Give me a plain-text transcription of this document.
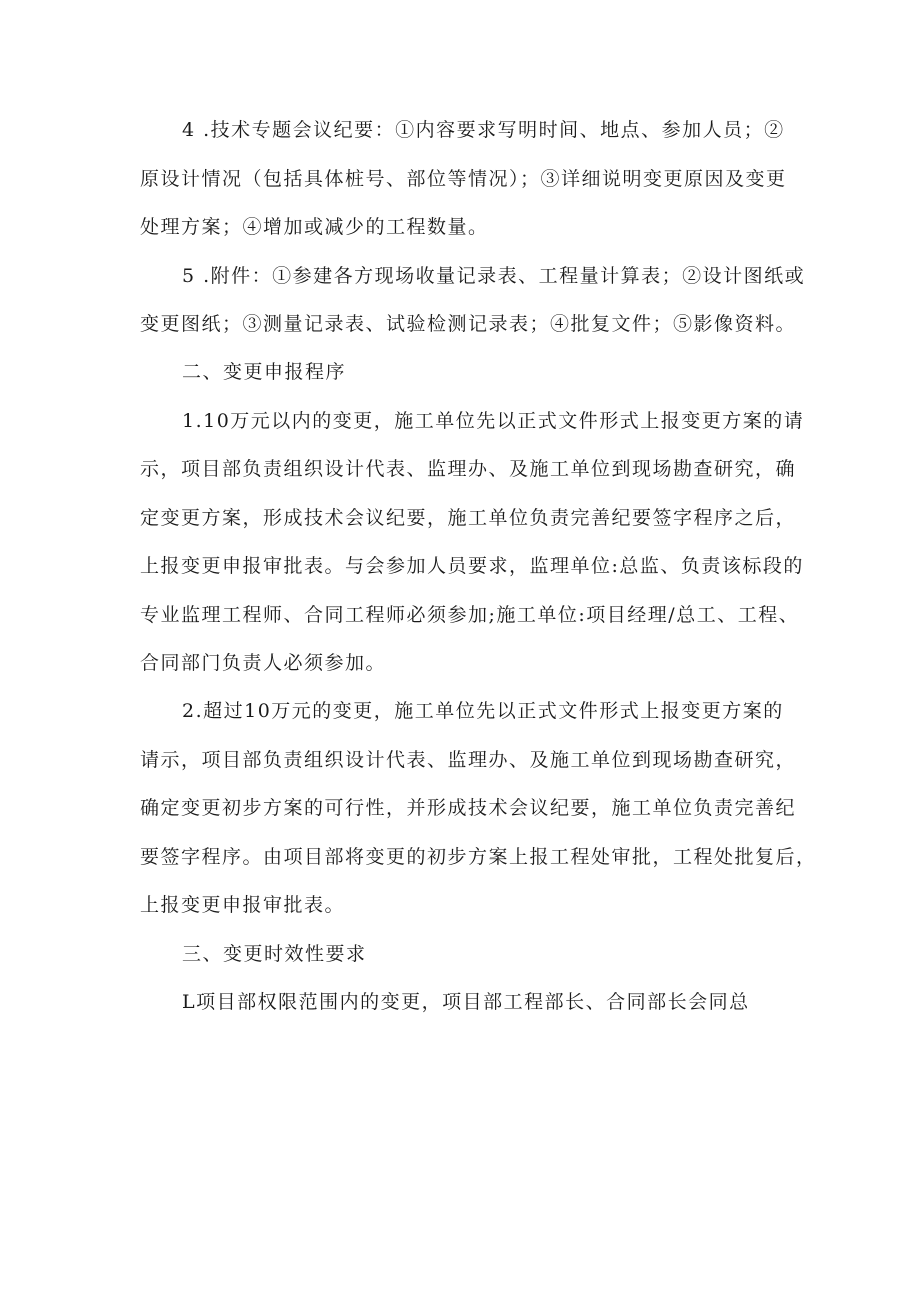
4 .技术专题会议纪要：①内容要求写明时间、地点、参加人员；②
原设计情况（包括具体桩号、部位等情况）；③详细说明变更原因及变更
处理方案；④增加或减少的工程数量。
5 .附件：①参建各方现场收量记录表、工程量计算表；②设计图纸或
变更图纸；③测量记录表、试验检测记录表；④批复文件；⑤影像资料。
二、变更申报程序
1.10万元以内的变更，施工单位先以正式文件形式上报变更方案的请
示，项目部负责组织设计代表、监理办、及施工单位到现场勘查研究，确
定变更方案，形成技术会议纪要，施工单位负责完善纪要签字程序之后，
上报变更申报审批表。与会参加人员要求，监理单位:总监、负责该标段的
专业监理工程师、合同工程师必须参加;施工单位:项目经理/总工、工程、
合同部门负责人必须参加。
2.超过10万元的变更，施工单位先以正式文件形式上报变更方案的
请示，项目部负责组织设计代表、监理办、及施工单位到现场勘查研究，
确定变更初步方案的可行性，并形成技术会议纪要，施工单位负责完善纪
要签字程序。由项目部将变更的初步方案上报工程处审批，工程处批复后，
上报变更申报审批表。
三、变更时效性要求
L项目部权限范围内的变更，项目部工程部长、合同部长会同总
